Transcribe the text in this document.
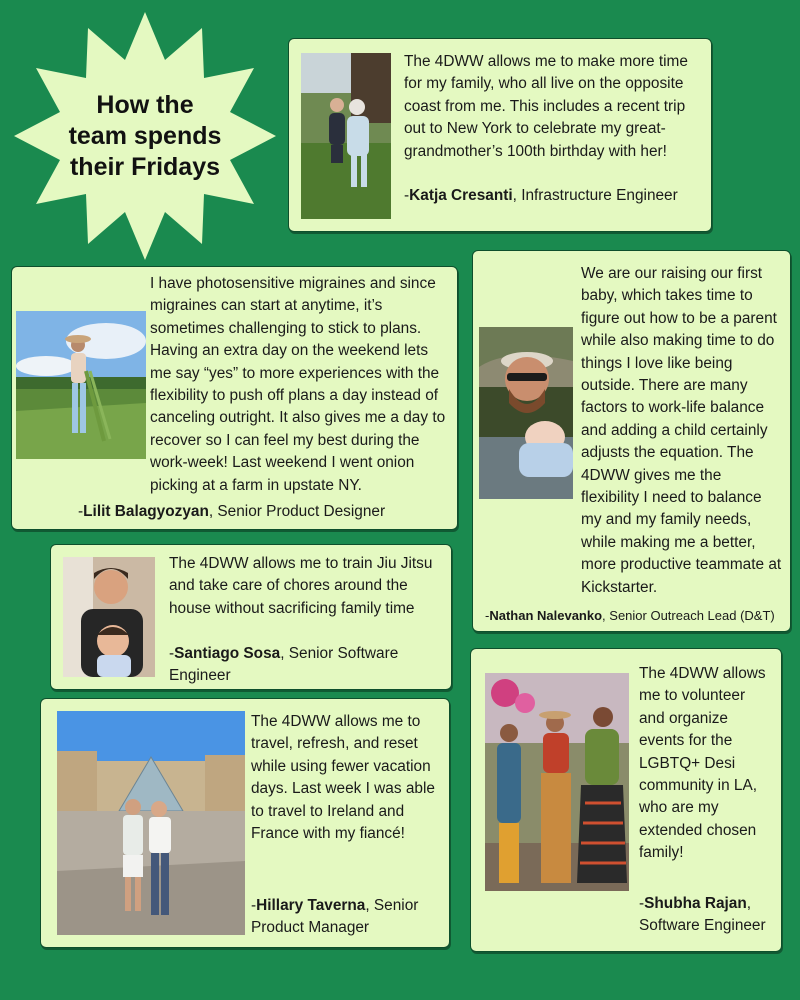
How the
team spends
their Fridays
The 4DWW allows me to make more time for my family, who all live on the opposite coast from me. This includes a recent trip out to New York to celebrate my great-grandmother’s 100th birthday with her!
-Katja Cresanti, Infrastructure Engineer
I have photosensitive migraines and since migraines can start at anytime, it’s sometimes challenging to stick to plans. Having an extra day on the weekend lets me say “yes” to more experiences with the flexibility to push off plans a day instead of canceling outright. It also gives me a day to recover so I can feel my best during the work-week! Last weekend I went onion picking at a farm in upstate NY.
-Lilit Balagyozyan, Senior Product Designer
We are our raising our first baby, which takes time to figure out how to be a parent while also making time to do things I love like being outside. There are many factors to work-life balance and adding a child certainly adjusts the equation. The 4DWW gives me the flexibility I need to balance my and my family needs, while making me a better, more productive teammate at Kickstarter.
-Nathan Nalevanko, Senior Outreach Lead (D&T)
The 4DWW allows me to train Jiu Jitsu and take care of chores around the house without sacrificing family time
-Santiago Sosa, Senior Software Engineer
The 4DWW allows me to travel, refresh, and reset while using fewer vacation days. Last week I was able to travel to Ireland and France with my fiancé!
-Hillary Taverna, Senior Product Manager
The 4DWW allows me to volunteer and organize events for the LGBTQ+ Desi community in LA, who are my extended chosen family!
-Shubha Rajan, Software Engineer
